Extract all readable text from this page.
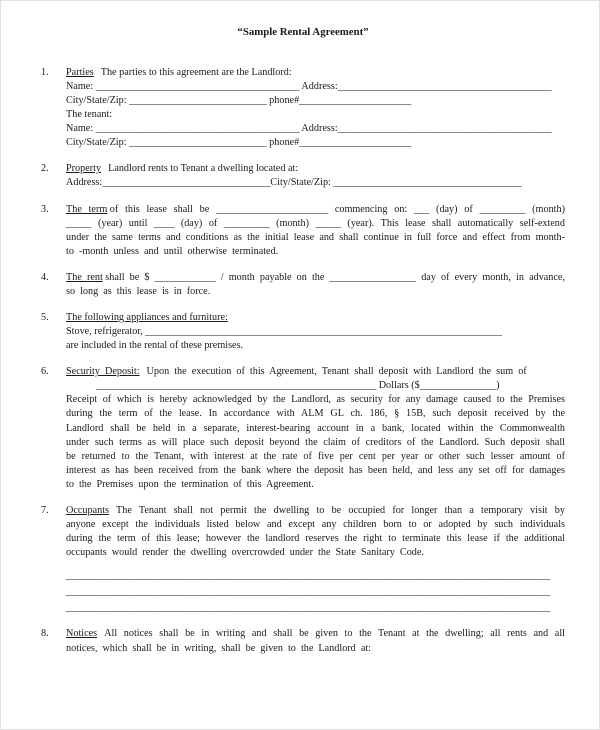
“Sample Rental Agreement”
1.	Parties The parties to this agreement are the Landlord:
Name: ________________________________________ Address:__________________________________________
City/State/Zip: ___________________________ phone#______________________
The tenant:
Name: ________________________________________ Address:__________________________________________
City/State/Zip: ___________________________ phone#______________________
2.	Property Landlord rents to Tenant a dwelling located at:
Address:_________________________________City/State/Zip: _____________________________________
3.	The term of this lease shall be ______________________ commencing on: ___ (day) of _________ (month) _____ (year) until ____ (day) of _________ (month) _____ (year). This lease shall automatically self-extend under the same terms and conditions as the initial lease and shall continue in full force and effect from month- to -month unless and until otherwise terminated.
4.	The rent shall be $ ____________ / month payable on the _________________ day of every month, in advance, so long as this lease is in force.
5.	The following appliances and furniture:
Stove, refrigerator, ______________________________________________________________________
are included in the rental of these premises.
6.	Security Deposit: Upon the execution of this Agreement, Tenant shall deposit with Landlord the sum of
_______________________________________________________ Dollars ($_______________)
Receipt of which is hereby acknowledged by the Landlord, as security for any damage caused to the Premises during the term of the lease. In accordance with ALM GL ch. 186, § 15B, such deposit received by the Landlord shall be held in a separate, interest-bearing account in a bank, located within the Commonwealth under such terms as will place such deposit beyond the claim of creditors of the Landlord. Such deposit shall be returned to the Tenant, with interest at the rate of five per cent per year or other such lesser amount of interest as has been received from the bank where the deposit has been held, and less any set off for damages to the Premises upon the termination of this Agreement.
7.	Occupants The Tenant shall not permit the dwelling to be occupied for longer than a temporary visit by anyone except the individuals listed below and except any children born to or adopted by such individuals during the term of this lease; however the landlord reserves the right to terminate this lease if the additional occupants would render the dwelling overcrowded under the State Sanitary Code.
_______________________________________________________________________________________________
_______________________________________________________________________________________________
_______________________________________________________________________________________________
8.	Notices All notices shall be in writing and shall be given to the Tenant at the dwelling; all rents and all notices, which shall be in writing, shall be given to the Landlord at:
